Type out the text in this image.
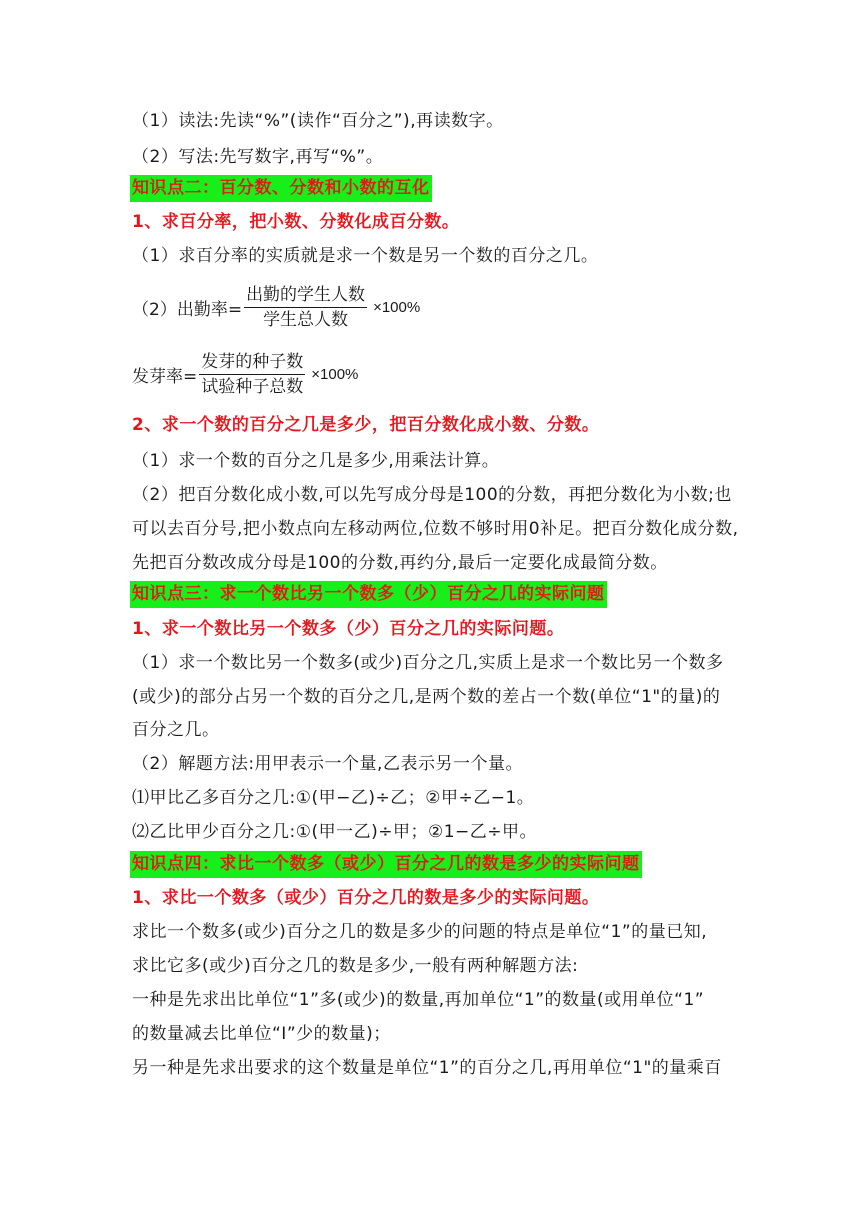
（1）读法:先读“%”(读作“百分之”),再读数字。
（2）写法:先写数字,再写“%”。
知识点二：百分数、分数和小数的互化
1、求百分率，把小数、分数化成百分数。
（1）求百分率的实质就是求一个数是另一个数的百分之几。
（2）出勤率= $\frac{\text{出勤的学生人数}}{\text{学生总人数}} \times 100\%$
发芽率= $\frac{\text{发芽的种子数}}{\text{试验种子总数}} \times 100\%$
2、求一个数的百分之几是多少，把百分数化成小数、分数。
（1）求一个数的百分之几是多少,用乘法计算。
（2）把百分数化成小数,可以先写成分母是100的分数，再把分数化为小数;也
可以去百分号,把小数点向左移动两位,位数不够时用0补足。把百分数化成分数,
先把百分数改成分母是100的分数,再约分,最后一定要化成最简分数。
知识点三：求一个数比另一个数多（少）百分之几的实际问题
1、求一个数比另一个数多（少）百分之几的实际问题。
（1）求一个数比另一个数多(或少)百分之几,实质上是求一个数比另一个数多
(或少)的部分占另一个数的百分之几,是两个数的差占一个数(单位“1"的量)的
百分之几。
（2）解题方法:用甲表示一个量,乙表示另一个量。
⑴甲比乙多百分之几:①(甲−乙)÷乙；②甲÷乙−1。
⑵乙比甲少百分之几:①(甲一乙)÷甲；②1−乙÷甲。
知识点四：求比一个数多（或少）百分之几的数是多少的实际问题
1、求比一个数多（或少）百分之几的数是多少的实际问题。
求比一个数多(或少)百分之几的数是多少的问题的特点是单位“1”的量已知,
求比它多(或少)百分之几的数是多少,一般有两种解题方法:
一种是先求出比单位“1”多(或少)的数量,再加单位“1”的数量(或用单位“1”
的数量减去比单位“I”少的数量)；
另一种是先求出要求的这个数量是单位“1”的百分之几,再用单位“1"的量乘百
